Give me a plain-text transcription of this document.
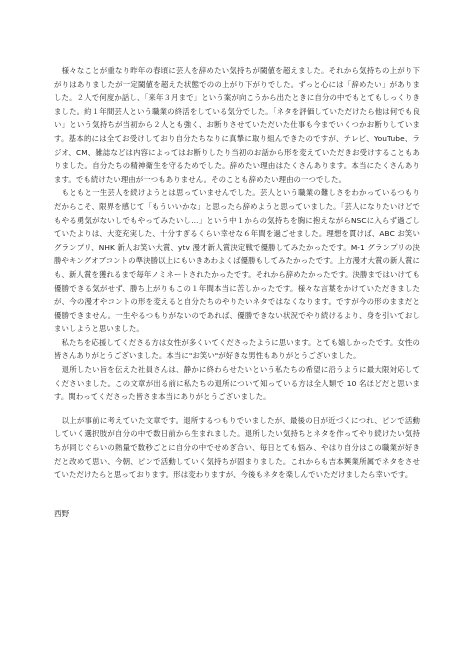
　様々なことが重なり昨年の春頃に芸人を辞めたい気持ちが閾値を超えました。それから気持ちの上がり下がりはありましたが一定閾値を超えた状態でのの上がり下がりでした。ずっと心には「辞めたい」がありました。２人で何度か話し、「来年３月まで」という案が向こうから出たときに自分の中でもとてもしっくりきました。約１年間芸人という職業の終活をしている気分でした。「ネタを評価していただけたら他は何でも良い」という気持ちが当初から２人とも強く、お断りさせていただいた仕事も今までいくつかお断りしています。基本的には全てお受けしており自分たちなりに真摯に取り組んできたのですが、テレビ、YouTube、ラジオ、CM、雑誌などは内容によってはお断りしたり当初のお話から形を変えていただきお受けすることもありました。自分たちの精神衛生を守るためでした。辞めたい理由はたくさんあります。本当にたくさんあります。でも続けたい理由が一つもありません。そのことも辞めたい理由の一つでした。

　もともと一生芸人を続けようとは思っていませんでした。芸人という職業の難しさをわかっているつもりだからこそ、限界を感じて「もういいかな」と思ったら辞めようと思っていました。「芸人になりたいけどでもやる勇気がないしでもやってみたいし…」という中１からの気持ちを胸に抱えながらNSCに入らず過ごしていたよりは、大変充実した、十分すぎるくらい幸せな６年間を過ごせました。理想を貫けば、ABC お笑いグランプリ、NHK 新人お笑い大賞、ytv 漫才新人賞決定戦で優勝してみたかったです。M-1 グランプリの決勝やキングオブコントの準決勝以上にもいきあわよくば優勝もしてみたかったです。上方漫才大賞の新人賞にも、新人賞を獲れるまで毎年ノミネートされたかったです。それから辞めたかったです。決勝まではいけても優勝できる気がせず、勝ち上がりもこの１年間本当に苦しかったです。様々な言葉をかけていただきましたが、今の漫才やコントの形を変えると自分たちのやりたいネタではなくなります。ですが今の形のままだと優勝できません。一生やるつもりがないのであれば、優勝できない状況でやり続けるより、身を引いておしまいしようと思いました。

　私たちを応援してくださる方は女性が多くいてくださったように思います。とても嬉しかったです。女性の皆さんありがとうございました。本当に"お笑い"が好きな男性もありがとうございました。

　退所したい旨を伝えた社員さんは、静かに終わらせたいという私たちの希望に沿うように最大限対応してくださいました。この文章が出る前に私たちの退所について知っている方は全人類で 10 名ほどだと思います。関わってくださった皆さま本当にありがとうございました。

　以上が事前に考えていた文章です。退所するつもりでいましたが、最後の日が近づくにつれ、ピンで活動していく選択肢が自分の中で数日前から生まれました。退所したい気持ちとネタを作ってやり続けたい気持ちが同じぐらいの熱量で数秒ごとに自分の中でせめぎ合い、毎日とても悩み、やはり自分はこの職業が好きだと改めて思い、今朝、ピンで活動していく気持ちが固まりました。これからも吉本興業所属でネタをさせていただけたらと思っております。形は変わりますが、今後もネタを楽しんでいただけましたら幸いです。

西野
